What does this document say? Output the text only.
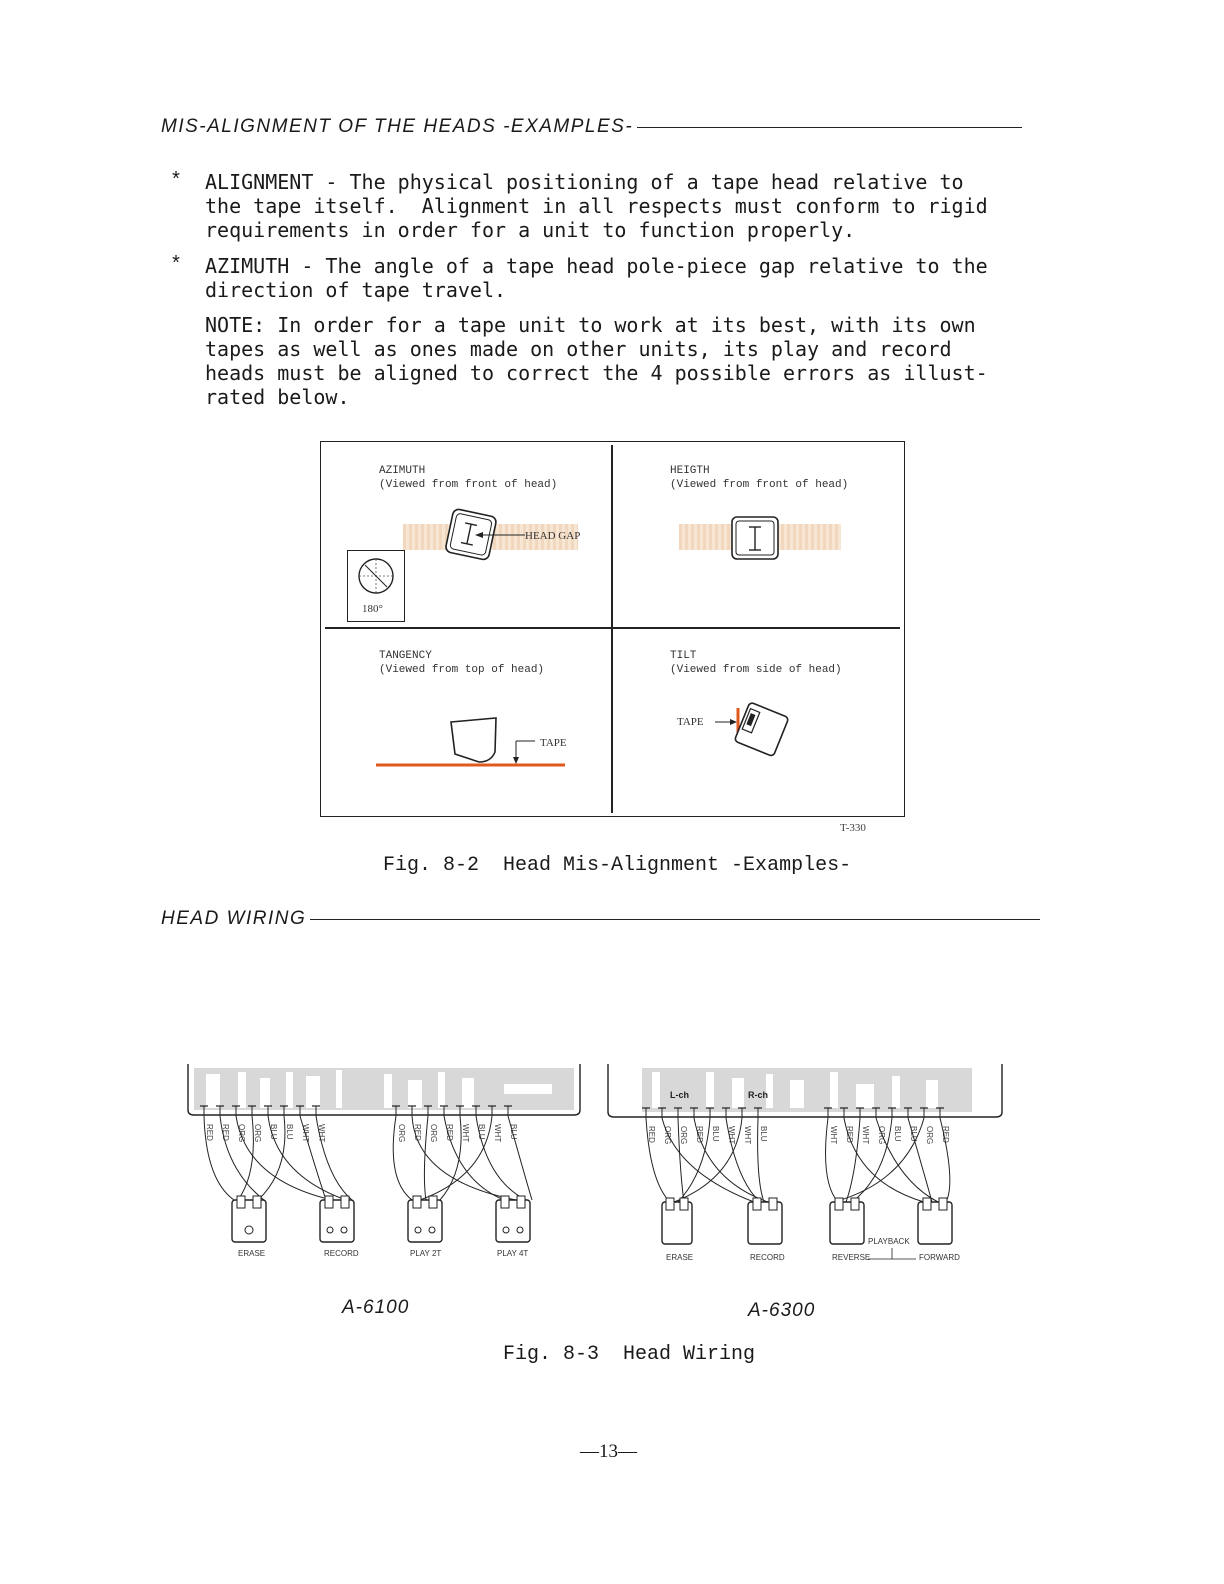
MIS-ALIGNMENT OF THE HEADS -EXAMPLES-
* ALIGNMENT - The physical positioning of a tape head relative to
the tape itself.  Alignment in all respects must conform to rigid
requirements in order for a unit to function properly.
* AZIMUTH - The angle of a tape head pole-piece gap relative to the
direction of tape travel.
NOTE: In order for a tape unit to work at its best, with its own
tapes as well as ones made on other units, its play and record
heads must be aligned to correct the 4 possible errors as illust-
rated below.
AZIMUTH
(Viewed from front of head)
HEAD GAP
180°
HEIGTH
(Viewed from front of head)
TANGENCY
(Viewed from top of head)
TAPE
TILT
(Viewed from side of head)
TAPE
T-330
Fig. 8-2  Head Mis-Alignment -Examples-
HEAD WIRING
RED RED ORG ORG BLU BLU WHT WHT	ORG RED ORG RED WHT BLU WHT BLU
ERASE	RECORD	PLAY 2T	PLAY 4T
L-ch	R-ch
RED ORG ORG RED BLU WHT WHT BLU	WHT RED WHT ORG BLU BLU ORG RED
PLAYBACK
ERASE	RECORD	REVERSE	FORWARD
A-6100	A-6300
Fig. 8-3  Head Wiring
—13—
